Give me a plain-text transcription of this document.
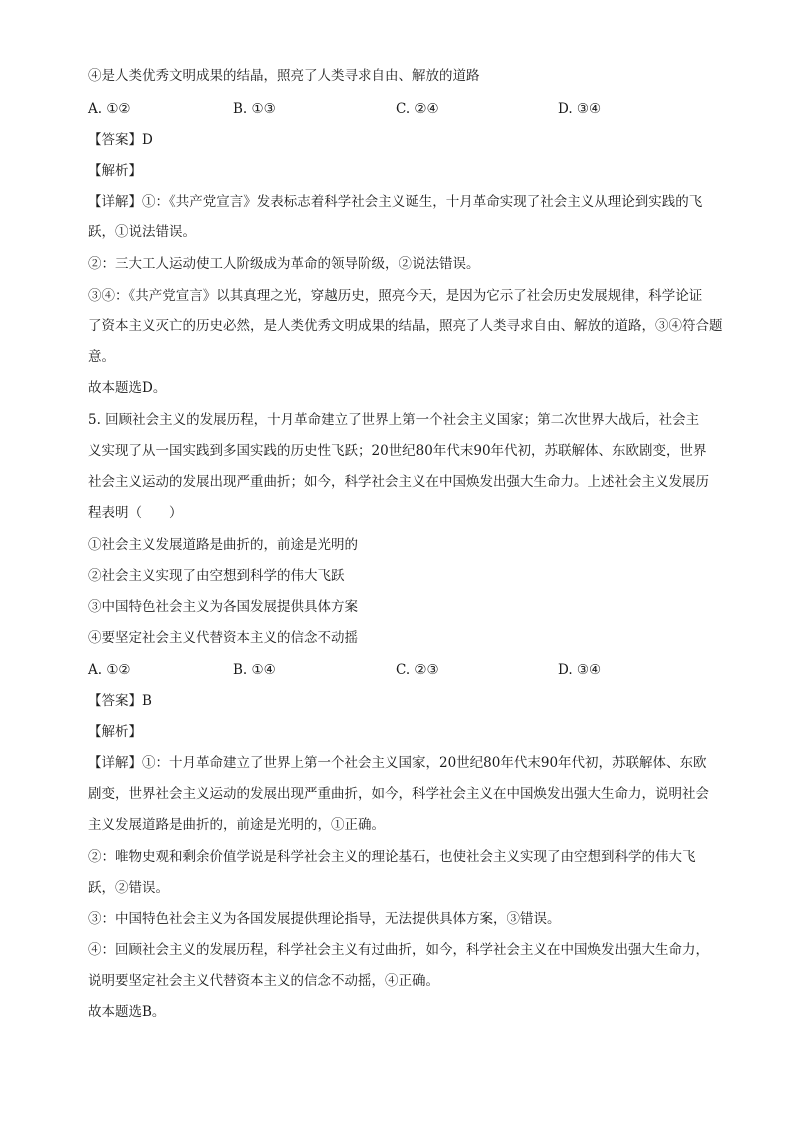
④是人类优秀文明成果的结晶，照亮了人类寻求自由、解放的道路
A. ①②	B. ①③	C. ②④	D. ③④
【答案】D
【解析】
【详解】①：《共产党宣言》发表标志着科学社会主义诞生，十月革命实现了社会主义从理论到实践的飞
跃，①说法错误。
②：三大工人运动使工人阶级成为革命的领导阶级，②说法错误。
③④：《共产党宣言》以其真理之光，穿越历史，照亮今天，是因为它示了社会历史发展规律，科学论证
了资本主义灭亡的历史必然，是人类优秀文明成果的结晶，照亮了人类寻求自由、解放的道路，③④符合题
意。
故本题选D。
5. 回顾社会主义的发展历程，十月革命建立了世界上第一个社会主义国家；第二次世界大战后，社会主
义实现了从一国实践到多国实践的历史性飞跃；20世纪80年代末90年代初，苏联解体、东欧剧变，世界
社会主义运动的发展出现严重曲折；如今，科学社会主义在中国焕发出强大生命力。上述社会主义发展历
程表明（　　）
①社会主义发展道路是曲折的，前途是光明的
②社会主义实现了由空想到科学的伟大飞跃
③中国特色社会主义为各国发展提供具体方案
④要坚定社会主义代替资本主义的信念不动摇
A. ①②	B. ①④	C. ②③	D. ③④
【答案】B
【解析】
【详解】①：十月革命建立了世界上第一个社会主义国家，20世纪80年代末90年代初，苏联解体、东欧
剧变，世界社会主义运动的发展出现严重曲折，如今，科学社会主义在中国焕发出强大生命力，说明社会
主义发展道路是曲折的，前途是光明的，①正确。
②：唯物史观和剩余价值学说是科学社会主义的理论基石，也使社会主义实现了由空想到科学的伟大飞
跃，②错误。
③：中国特色社会主义为各国发展提供理论指导，无法提供具体方案，③错误。
④：回顾社会主义的发展历程，科学社会主义有过曲折，如今，科学社会主义在中国焕发出强大生命力，
说明要坚定社会主义代替资本主义的信念不动摇，④正确。
故本题选B。
